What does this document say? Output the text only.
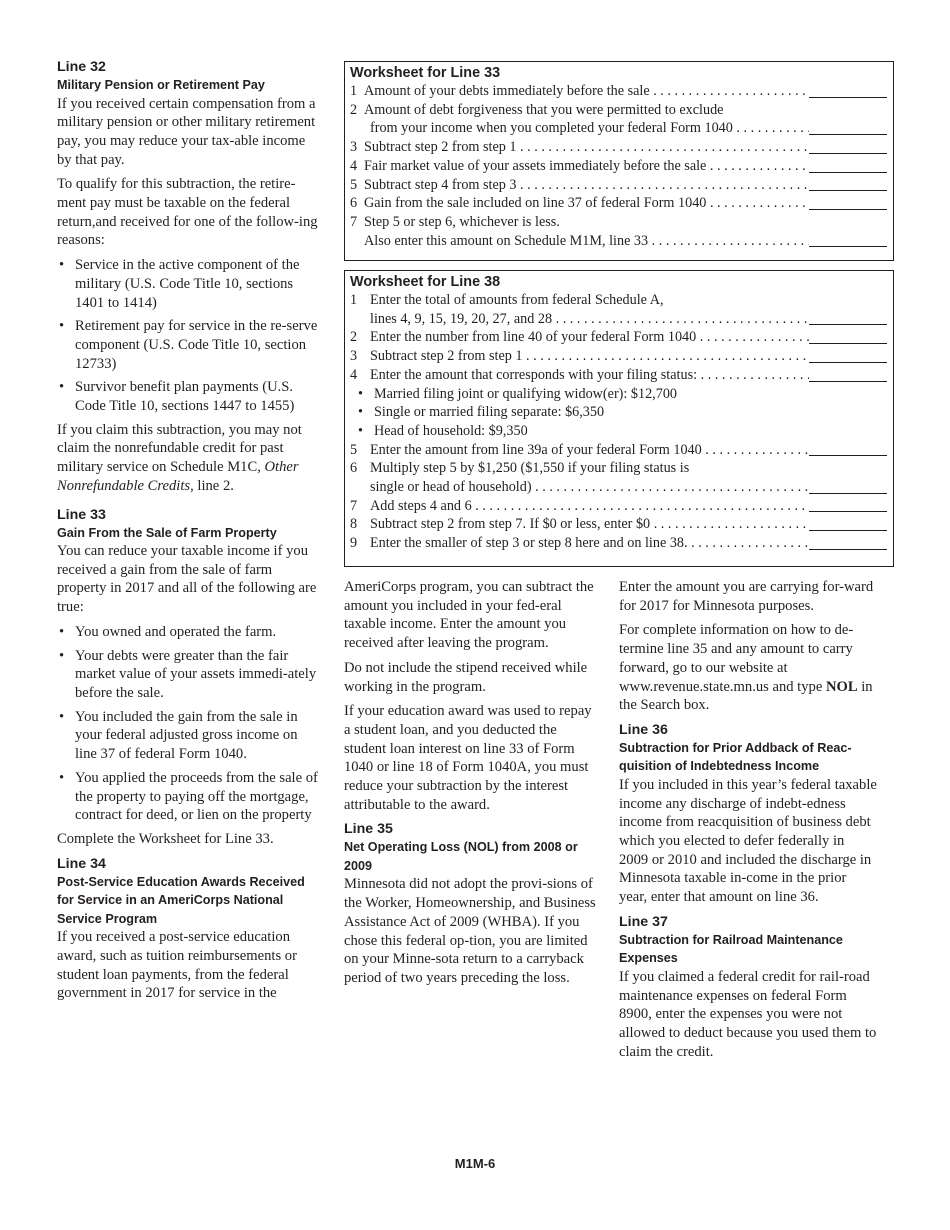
Line 32
Military Pension or Retirement Pay

If you received certain compensation from a military pension or other military retirement pay, you may reduce your tax-able income by that pay.

To qualify for this subtraction, the retire-ment pay must be taxable on the federal return,and received for one of the follow-ing reasons:

• Service in the active component of the military (U.S. Code Title 10, sections 1401 to 1414)
• Retirement pay for service in the re-serve component (U.S. Code Title 10, section 12733)
• Survivor benefit plan payments (U.S. Code Title 10, sections 1447 to 1455)

If you claim this subtraction, you may not claim the nonrefundable credit for past military service on Schedule M1C, Other Nonrefundable Credits, line 2.

Line 33
Gain From the Sale of Farm Property

You can reduce your taxable income if you received a gain from the sale of farm property in 2017 and all of the following are true:

• You owned and operated the farm.
• Your debts were greater than the fair market value of your assets immedi-ately before the sale.
• You included the gain from the sale in your federal adjusted gross income on line 37 of federal Form 1040.
• You applied the proceeds from the sale of the property to paying off the mortgage, contract for deed, or lien on the property

Complete the Worksheet for Line 33.

Line 34
Post-Service Education Awards Received for Service in an AmeriCorps National Service Program

If you received a post-service education award, such as tuition reimbursements or student loan payments, from the federal government in 2017 for service in the

Worksheet for Line 33
1 Amount of your debts immediately before the sale . . .
2 Amount of debt forgiveness that you were permitted to exclude
from your income when you completed your federal Form 1040 . . .
3 Subtract step 2 from step 1 . . .
4 Fair market value of your assets immediately before the sale . . .
5 Subtract step 4 from step 3 . . .
6 Gain from the sale included on line 37 of federal Form 1040 . . .
7 Step 5 or step 6, whichever is less.
Also enter this amount on Schedule M1M, line 33 . . .
Worksheet for Line 38
1 Enter the total of amounts from federal Schedule A,
lines 4, 9, 15, 19, 20, 27, and 28 . . .
2 Enter the number from line 40 of your federal Form 1040 . . .
3 Subtract step 2 from step 1 . . .
4 Enter the amount that corresponds with your filing status: . . .
• Married filing joint or qualifying widow(er): $12,700
• Single or married filing separate: $6,350
• Head of household: $9,350
5 Enter the amount from line 39a of your federal Form 1040 . . .
6 Multiply step 5 by $1,250 ($1,550 if your filing status is
single or head of household) . . .
7 Add steps 4 and 6 . . .
8 Subtract step 2 from step 7. If $0 or less, enter $0 . . .
9 Enter the smaller of step 3 or step 8 here and on line 38. . . .

AmeriCorps program, you can subtract the amount you included in your fed-eral taxable income. Enter the amount you received after leaving the program.

Do not include the stipend received while working in the program.

If your education award was used to repay a student loan, and you deducted the student loan interest on line 33 of Form 1040 or line 18 of Form 1040A, you must reduce your subtraction by the interest attributable to the award.

Line 35
Net Operating Loss (NOL) from 2008 or 2009

Minnesota did not adopt the provi-sions of the Worker, Homeownership, and Business Assistance Act of 2009 (WHBA). If you chose this federal op-tion, you are limited on your Minne-sota return to a carryback period of two years preceding the loss.

Enter the amount you are carrying for-ward for 2017 for Minnesota purposes.

For complete information on how to de-termine line 35 and any amount to carry forward, go to our website at www.revenue.state.mn.us and type NOL in the Search box.

Line 36
Subtraction for Prior Addback of Reac-quisition of Indebtedness Income

If you included in this year’s federal taxable income any discharge of indebt-edness income from reacquisition of business debt which you elected to defer federally in 2009 or 2010 and included the discharge in Minnesota taxable in-come in the prior year, enter that amount on line 36.

Line 37
Subtraction for Railroad Maintenance Expenses

If you claimed a federal credit for rail-road maintenance expenses on federal Form 8900, enter the expenses you were not allowed to deduct because you used them to claim the credit.

M1M-6
